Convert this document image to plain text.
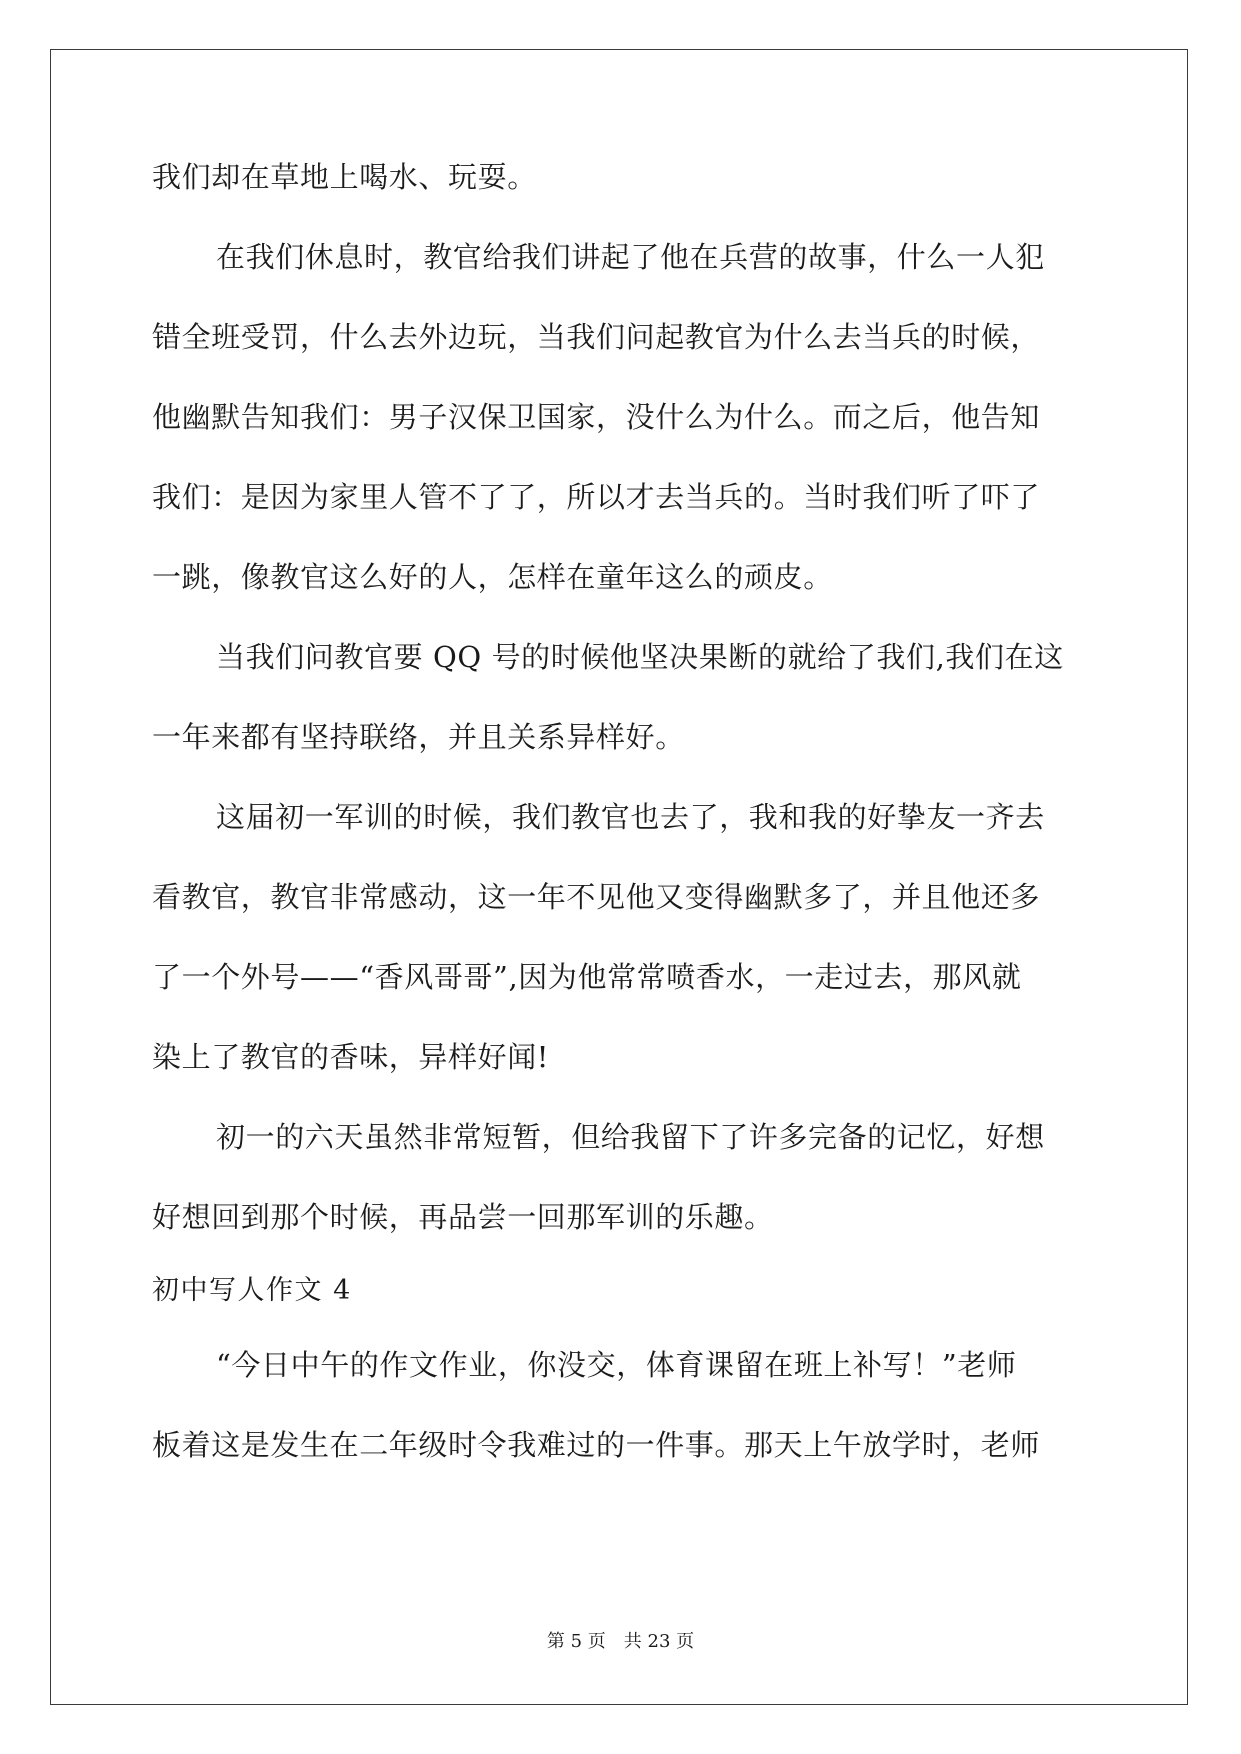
我们却在草地上喝水、玩耍。
在我们休息时，教官给我们讲起了他在兵营的故事，什么一人犯
错全班受罚，什么去外边玩，当我们问起教官为什么去当兵的时候，
他幽默告知我们：男子汉保卫国家，没什么为什么。而之后，他告知
我们：是因为家里人管不了了，所以才去当兵的。当时我们听了吓了
一跳，像教官这么好的人，怎样在童年这么的顽皮。
当我们问教官要 QQ 号的时候他坚决果断的就给了我们,我们在这
一年来都有坚持联络，并且关系异样好。
这届初一军训的时候，我们教官也去了，我和我的好挚友一齐去
看教官，教官非常感动，这一年不见他又变得幽默多了，并且他还多
了一个外号——“香风哥哥”,因为他常常喷香水，一走过去，那风就
染上了教官的香味，异样好闻!
初一的六天虽然非常短暂，但给我留下了许多完备的记忆，好想
好想回到那个时候，再品尝一回那军训的乐趣。
初中写人作文 4
“今日中午的作文作业，你没交，体育课留在班上补写！”老师
板着这是发生在二年级时令我难过的一件事。那天上午放学时，老师
第 5 页 共 23 页
